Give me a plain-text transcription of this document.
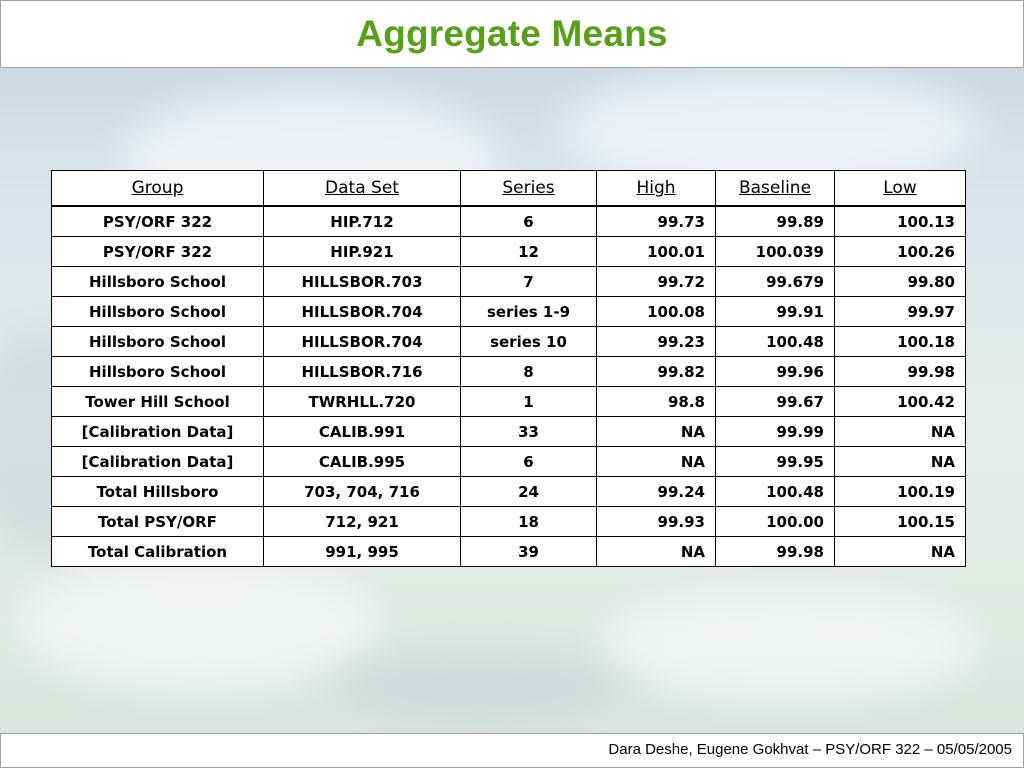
Aggregate Means
Group	Data Set	Series	High	Baseline	Low
PSY/ORF 322	HIP.712	6	99.73	99.89	100.13
PSY/ORF 322	HIP.921	12	100.01	100.039	100.26
Hillsboro School	HILLSBOR.703	7	99.72	99.679	99.80
Hillsboro School	HILLSBOR.704	series 1-9	100.08	99.91	99.97
Hillsboro School	HILLSBOR.704	series 10	99.23	100.48	100.18
Hillsboro School	HILLSBOR.716	8	99.82	99.96	99.98
Tower Hill School	TWRHLL.720	1	98.8	99.67	100.42
[Calibration Data]	CALIB.991	33	NA	99.99	NA
[Calibration Data]	CALIB.995	6	NA	99.95	NA
Total Hillsboro	703, 704, 716	24	99.24	100.48	100.19
Total PSY/ORF	712, 921	18	99.93	100.00	100.15
Total Calibration	991, 995	39	NA	99.98	NA
Dara Deshe, Eugene Gokhvat – PSY/ORF 322 – 05/05/2005
